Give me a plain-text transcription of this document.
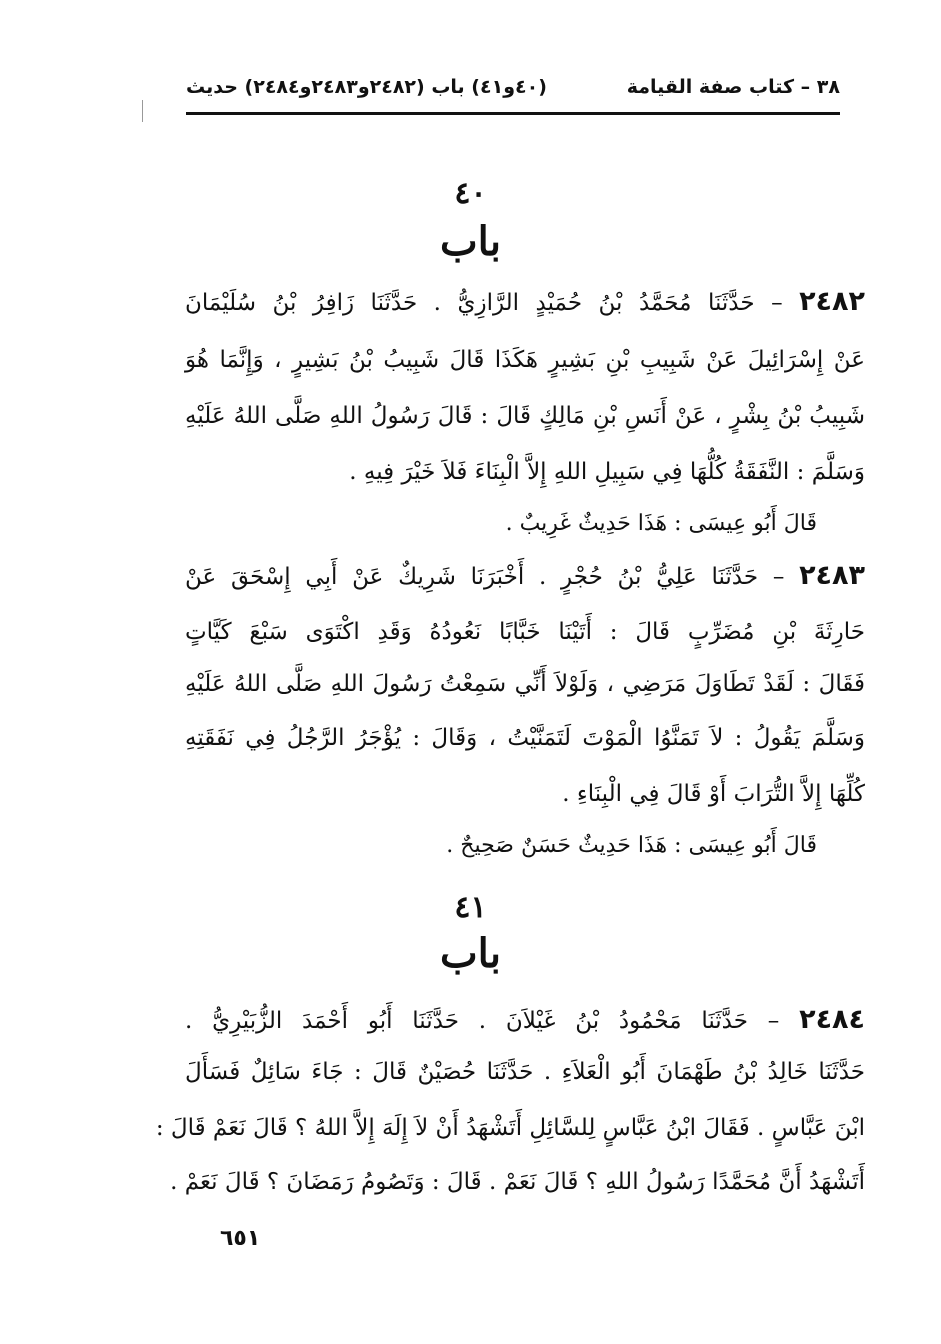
٣٨ – كتاب صفة القيامة
(٤٠و٤١) باب (٢٤٨٢و٢٤٨٣و٢٤٨٤) حديث
٤٠
باب
٢٤٨٢ – حَدَّثَنَا مُحَمَّدُ بْنُ حُمَيْدٍ الرَّازِيُّ . حَدَّثَنَا زَافِرُ بْنُ سُلَيْمَانَ
عَنْ إِسْرَائِيلَ عَنْ شَبِيبِ بْنِ بَشِيرٍ هَكَذَا قَالَ شَبِيبُ بْنُ بَشِيرٍ ، وَإِنَّمَا هُوَ
شَبِيبُ بْنُ بِشْرٍ ، عَنْ أَنَسِ بْنِ مَالِكٍ قَالَ : قَالَ رَسُولُ اللهِ صَلَّى اللهُ عَلَيْهِ
وَسَلَّمَ : النَّفَقَةُ كُلُّهَا فِي سَبِيلِ اللهِ إِلاَّ الْبِنَاءَ فَلاَ خَيْرَ فِيهِ .
قَالَ أَبُو عِيسَى : هَذَا حَدِيثٌ غَرِيبٌ .
٢٤٨٣ – حَدَّثَنَا عَلِيُّ بْنُ حُجْرٍ . أَخْبَرَنَا شَرِيكٌ عَنْ أَبِي إِسْحَقَ عَنْ
حَارِثَةَ بْنِ مُضَرِّبٍ قَالَ : أَتَيْنَا خَبَّابًا نَعُودُهُ وَقَدِ اكْتَوَى سَبْعَ كَيَّاتٍ
فَقَالَ : لَقَدْ تَطَاوَلَ مَرَضِي ، وَلَوْلاَ أَنِّي سَمِعْتُ رَسُولَ اللهِ صَلَّى اللهُ عَلَيْهِ
وَسَلَّمَ يَقُولُ : لاَ تَمَنَّوُا الْمَوْتَ لَتَمَنَّيْتُ ، وَقَالَ : يُؤْجَرُ الرَّجُلُ فِي نَفَقَتِهِ
كُلِّهَا إِلاَّ التُّرَابَ أَوْ قَالَ فِي الْبِنَاءِ .
قَالَ أَبُو عِيسَى : هَذَا حَدِيثٌ حَسَنٌ صَحِيحٌ .
٤١
باب
٢٤٨٤ – حَدَّثَنَا مَحْمُودُ بْنُ غَيْلاَنَ . حَدَّثَنَا أَبُو أَحْمَدَ الزُّبَيْرِيُّ .
حَدَّثَنَا خَالِدُ بْنُ طَهْمَانَ أَبُو الْعَلاَءِ . حَدَّثَنَا حُصَيْنٌ قَالَ : جَاءَ سَائِلٌ فَسَأَلَ
ابْنَ عَبَّاسٍ . فَقَالَ ابْنُ عَبَّاسٍ لِلسَّائِلِ أَتَشْهَدُ أَنْ لاَ إِلَهَ إِلاَّ اللهُ ؟ قَالَ نَعَمْ قَالَ :
أَتَشْهَدُ أَنَّ مُحَمَّدًا رَسُولُ اللهِ ؟ قَالَ نَعَمْ . قَالَ : وَتَصُومُ رَمَضَانَ ؟ قَالَ نَعَمْ .
٦٥١
